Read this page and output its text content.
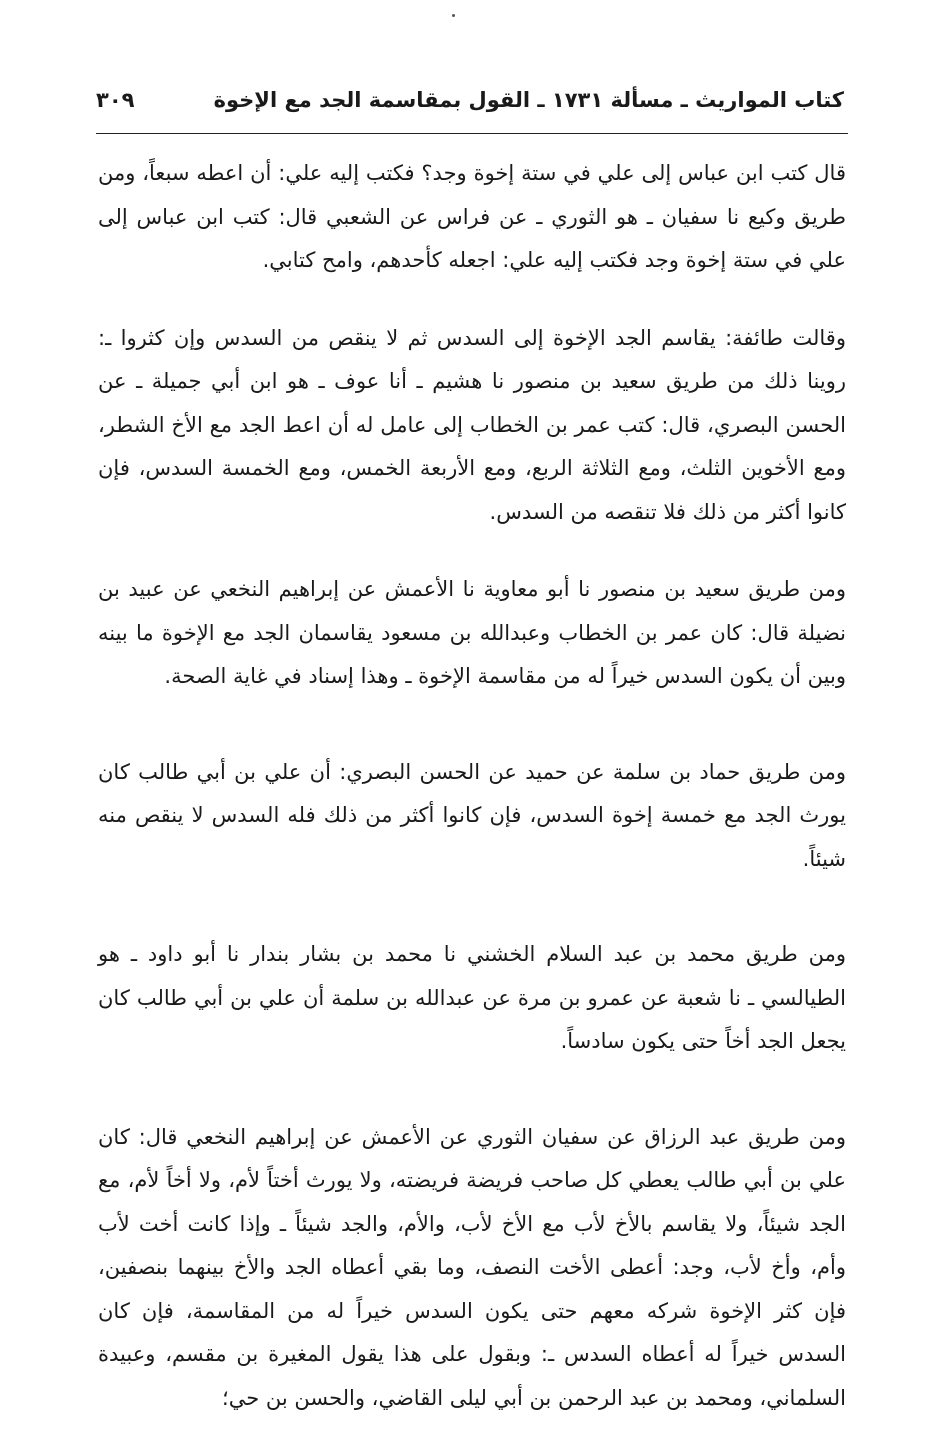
كتاب المواريث ـ مسألة ١٧٣١ ـ القول بمقاسمة الجد مع الإخوة
٣٠٩

قال كتب ابن عباس إلى علي في ستة إخوة وجد؟ فكتب إليه علي: أن اعطه سبعاً، ومن طريق وكيع نا سفيان ـ هو الثوري ـ عن فراس عن الشعبي قال: كتب ابن عباس إلى علي في ستة إخوة وجد فكتب إليه علي: اجعله كأحدهم، وامح كتابي.

وقالت طائفة: يقاسم الجد الإخوة إلى السدس ثم لا ينقص من السدس وإن كثروا ـ: روينا ذلك من طريق سعيد بن منصور نا هشيم ـ أنا عوف ـ هو ابن أبي جميلة ـ عن الحسن البصري، قال: كتب عمر بن الخطاب إلى عامل له أن اعط الجد مع الأخ الشطر، ومع الأخوين الثلث، ومع الثلاثة الربع، ومع الأربعة الخمس، ومع الخمسة السدس، فإن كانوا أكثر من ذلك فلا تنقصه من السدس.

ومن طريق سعيد بن منصور نا أبو معاوية نا الأعمش عن إبراهيم النخعي عن عبيد بن نضيلة قال: كان عمر بن الخطاب وعبدالله بن مسعود يقاسمان الجد مع الإخوة ما بينه وبين أن يكون السدس خيراً له من مقاسمة الإخوة ـ وهذا إسناد في غاية الصحة.

ومن طريق حماد بن سلمة عن حميد عن الحسن البصري: أن علي بن أبي طالب كان يورث الجد مع خمسة إخوة السدس، فإن كانوا أكثر من ذلك فله السدس لا ينقص منه شيئاً.

ومن طريق محمد بن عبد السلام الخشني نا محمد بن بشار بندار نا أبو داود ـ هو الطيالسي ـ نا شعبة عن عمرو بن مرة عن عبدالله بن سلمة أن علي بن أبي طالب كان يجعل الجد أخاً حتى يكون سادساً.

ومن طريق عبد الرزاق عن سفيان الثوري عن الأعمش عن إبراهيم النخعي قال: كان علي بن أبي طالب يعطي كل صاحب فريضة فريضته، ولا يورث أختاً لأم، ولا أخاً لأم، مع الجد شيئاً، ولا يقاسم بالأخ لأب مع الأخ لأب، والأم، والجد شيئاً ـ وإذا كانت أخت لأب وأم، وأخ لأب، وجد: أعطى الأخت النصف، وما بقي أعطاه الجد والأخ بينهما بنصفين، فإن كثر الإخوة شركه معهم حتى يكون السدس خيراً له من المقاسمة، فإن كان السدس خيراً له أعطاه السدس ـ: وبقول على هذا يقول المغيرة بن مقسم، وعبيدة السلماني، ومحمد بن عبد الرحمن بن أبي ليلى القاضي، والحسن بن حي؛
